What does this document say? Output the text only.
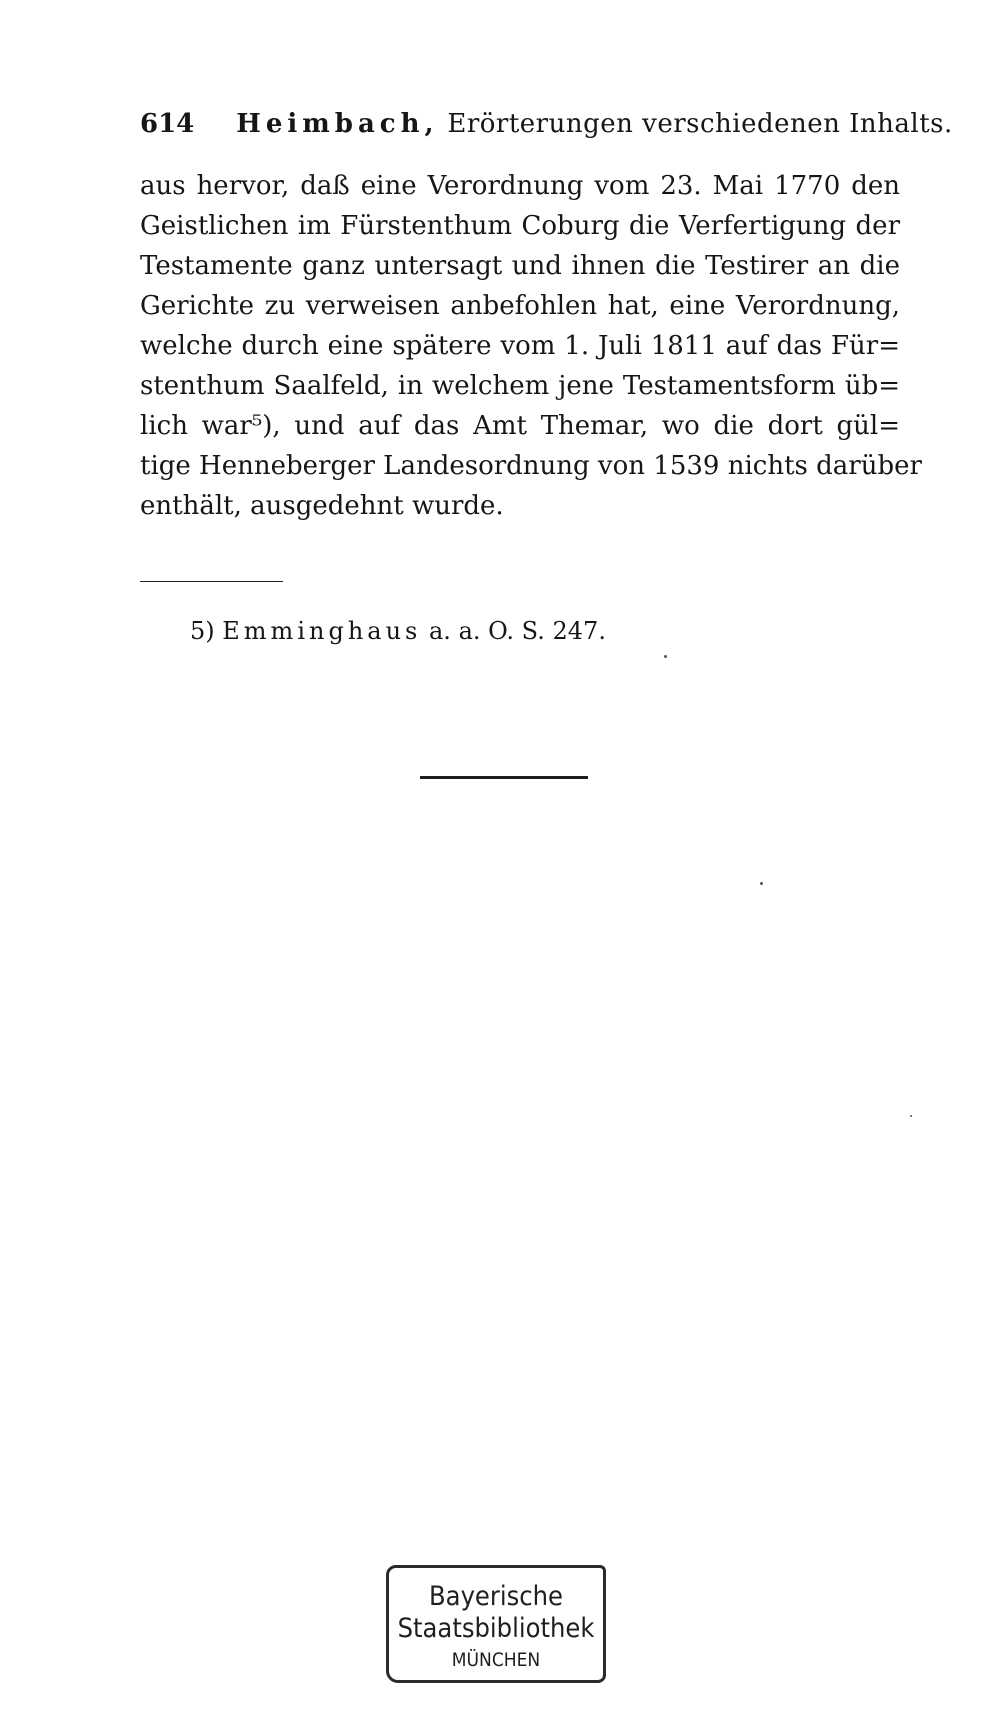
614 Heimbach, Erörterungen verschiedenen Inhalts.
aus hervor, daß eine Verordnung vom 23. Mai 1770 den
Geistlichen im Fürstenthum Coburg die Verfertigung der
Testamente ganz untersagt und ihnen die Testirer an die
Gerichte zu verweisen anbefohlen hat, eine Verordnung,
welche durch eine spätere vom 1. Juli 1811 auf das Für=
stenthum Saalfeld, in welchem jene Testamentsform üb=
lich war⁵), und auf das Amt Themar, wo die dort gül=
tige Henneberger Landesordnung von 1539 nichts darüber
enthält, ausgedehnt wurde.
5) Emminghaus a. a. O. S. 247.
Bayerische
Staatsbibliothek
MÜNCHEN
